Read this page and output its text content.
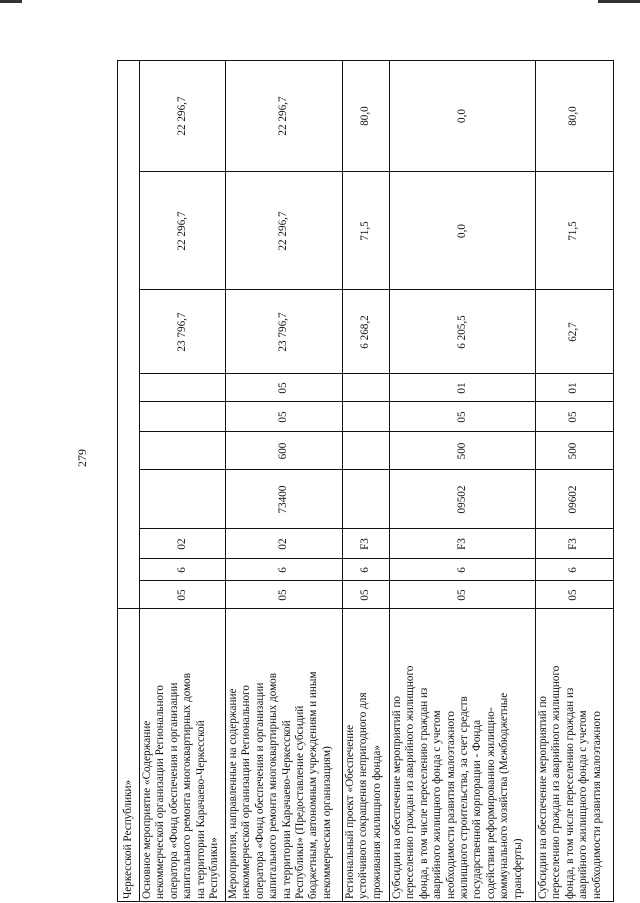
279
Черкесской Республики» Основное мероприятие «Содержание
некоммерческой организации Регионального
оператора «Фонд обеспечения и организации
капитального ремонта многоквартирных домов
на территории Карачаево-Черкесской
Республики»
05
6
02
23 796,7
22 296,7
22 296,7
Мероприятия, направленные на содержание
некоммерческой организации Регионального
оператора «Фонд обеспечения и организации
капитального ремонта многоквартирных домов
на территории Карачаево-Черкесской
Республики» (Предоставление субсидий
бюджетным, автономным учреждениям и иным
некоммерческим организациям)
05
6
02
73400
600
05
05
23 796,7
22 296,7
22 296,7
Региональный проект «Обеспечение
устойчивого сокращения непригодного для
проживания жилищного фонда»
05
6
F3
6 268,2
71,5
80,0
Субсидии на обеспечение мероприятий по
переселению граждан из аварийного жилищного
фонда, в том числе переселению граждан из
аварийного жилищного фонда с учетом
необходимости развития малоэтажного
жилищного строительства, за счет средств
государственной корпорации - Фонда
содействия реформированию жилищно-
коммунального хозяйства (Межбюджетные
трансферты)
05
6
F3
09502
500
05
01
6 205,5
0,0
0,0
Субсидии на обеспечение мероприятий по
переселению граждан из аварийного жилищного
фонда, в том числе переселению граждан из
аварийного жилищного фонда с учетом
необходимости развития малоэтажного
05
6
F3
09602
500
05
01
62,7
71,5
80,0
